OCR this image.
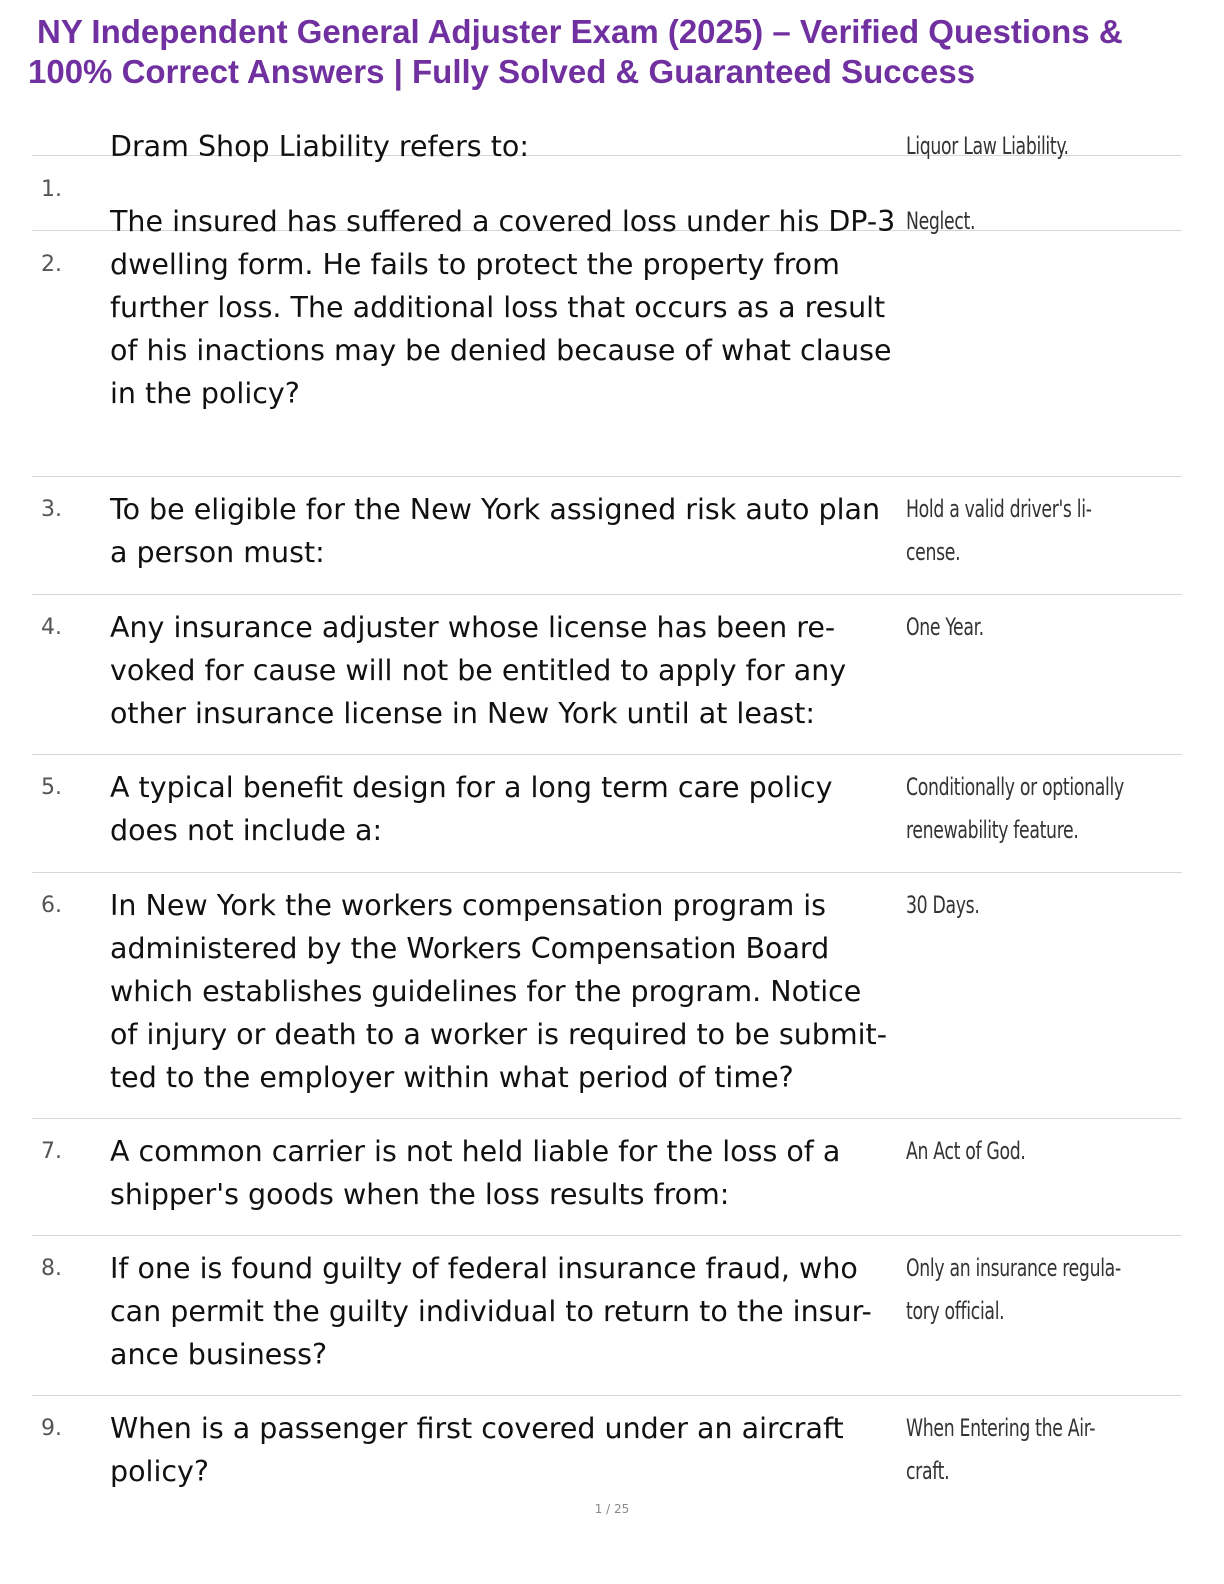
NY Independent General Adjuster Exam (2025) – Verified Questions &
100% Correct Answers | Fully Solved & Guaranteed Success
Dram Shop Liability refers to:	Liquor Law Liability.
1.
The insured has suffered a covered loss under his DP-3
dwelling form. He fails to protect the property from
further loss. The additional loss that occurs as a result
of his inactions may be denied because of what clause
in the policy?
Neglect.
2.
3. To be eligible for the New York assigned risk auto plan
a person must:
Hold a valid driver's li-
cense.
4. Any insurance adjuster whose license has been re-
voked for cause will not be entitled to apply for any
other insurance license in New York until at least:
One Year.
5. A typical benefit design for a long term care policy
does not include a:
Conditionally or optionally
renewability feature.
6. In New York the workers compensation program is
administered by the Workers Compensation Board
which establishes guidelines for the program. Notice
of injury or death to a worker is required to be submit-
ted to the employer within what period of time?
30 Days.
7. A common carrier is not held liable for the loss of a
shipper's goods when the loss results from:
An Act of God.
8. If one is found guilty of federal insurance fraud, who
can permit the guilty individual to return to the insur-
ance business?
Only an insurance regula-
tory official.
9. When is a passenger first covered under an aircraft
policy?
When Entering the Air-
craft.
1 / 25
